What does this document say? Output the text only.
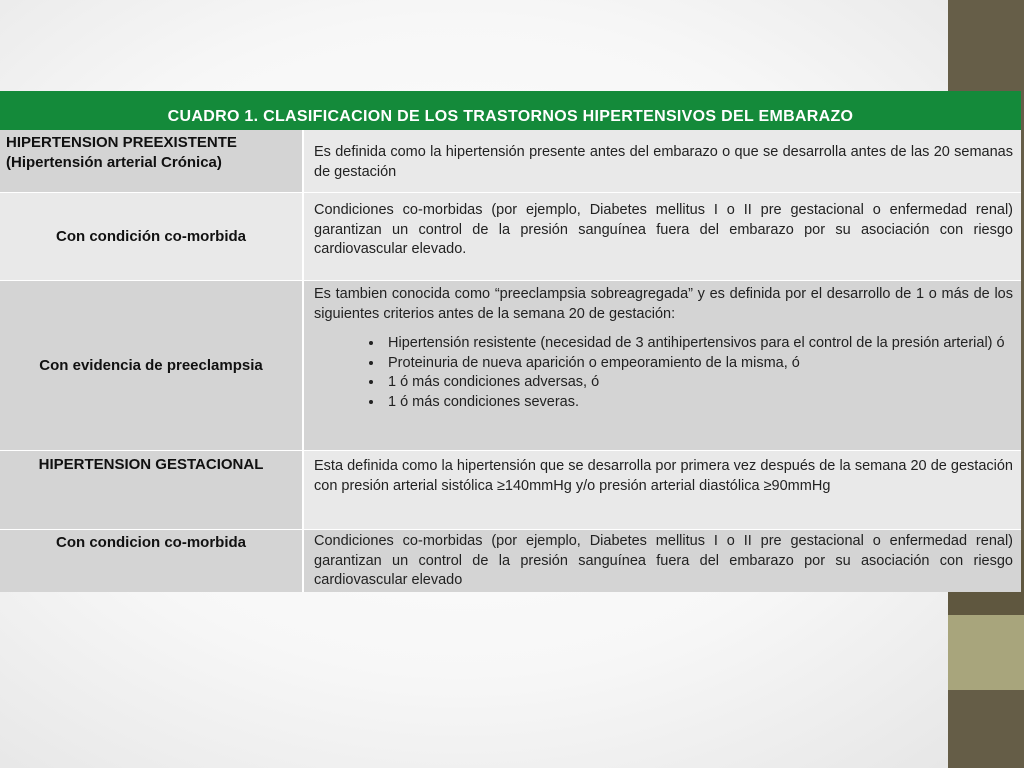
CUADRO 1. CLASIFICACION DE LOS TRASTORNOS HIPERTENSIVOS DEL EMBARAZO
HIPERTENSION PREEXISTENTE
(Hipertensión arterial Crónica)

Es definida como la hipertensión presente antes del embarazo o que se desarrolla antes de las 20 semanas de gestación

Con condición co-morbida

Condiciones co-morbidas (por ejemplo, Diabetes mellitus I o II pre gestacional o enfermedad renal) garantizan un control de la presión sanguínea fuera del embarazo por su asociación con riesgo cardiovascular elevado.

Con evidencia de preeclampsia

Es tambien conocida como “preeclampsia sobreagregada” y es definida por el desarrollo de 1 o más de los siguientes criterios antes de la semana 20 de gestación:

• Hipertensión resistente (necesidad de 3 antihipertensivos para el control de la presión arterial) ó
• Proteinuria de nueva aparición o empeoramiento de la misma, ó
• 1 ó más condiciones adversas, ó
• 1 ó más condiciones severas.
HIPERTENSION GESTACIONAL	Esta definida como la hipertensión que se desarrolla por primera vez después de la semana 20 de gestación con presión arterial sistólica ≥140mmHg y/o presión arterial diastólica ≥90mmHg

Con condicion co-morbida	Condiciones co-morbidas (por ejemplo, Diabetes mellitus I o II pre gestacional o enfermedad renal) garantizan un control de la presión sanguínea fuera del embarazo por su asociación con riesgo cardiovascular elevado
